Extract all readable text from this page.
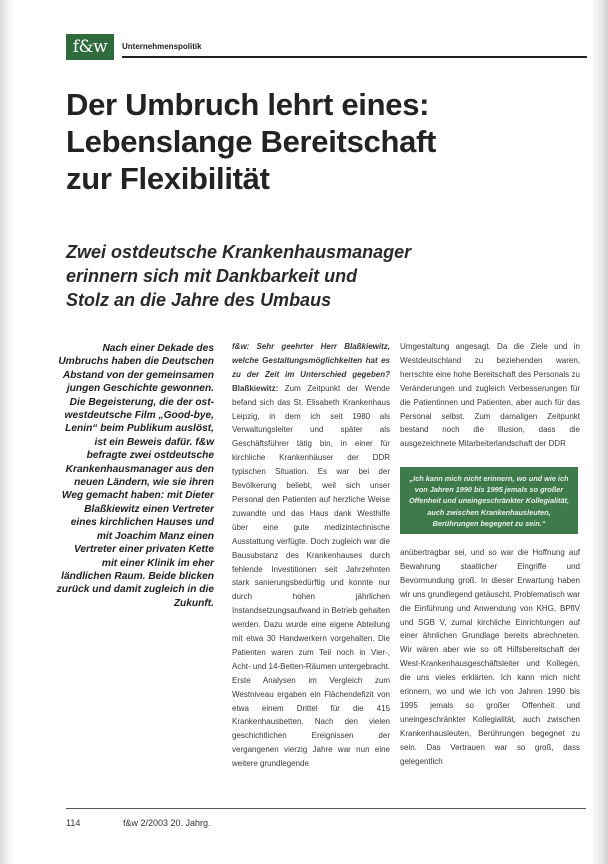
f&w	Unternehmenspolitik
Der Umbruch lehrt eines:
Lebenslange Bereitschaft
zur Flexibilität
Zwei ostdeutsche Krankenhausmanager
erinnern sich mit Dankbarkeit und
Stolz an die Jahre des Umbaus
Nach einer Dekade des Umbruchs haben die Deutschen Abstand von der gemeinsamen jungen Geschichte gewonnen. Die Begeisterung, die der ost-westdeutsche Film „Good-bye, Lenin“ beim Publikum auslöst, ist ein Beweis dafür. f&w befragte zwei ostdeutsche Krankenhausmanager aus den neuen Ländern, wie sie ihren Weg gemacht haben: mit Dieter Blaßkiewitz einen Vertreter eines kirchlichen Hauses und mit Joachim Manz einen Vertreter einer privaten Kette mit einer Klinik im eher ländlichen Raum. Beide blicken zurück und damit zugleich in die Zukunft.

f&w: Sehr geehrter Herr Blaßkiewitz, welche Gestaltungsmöglichkeiten hat es zu der Zeit im Unterschied gegeben? Blaßkiewitz: Zum Zeitpunkt der Wende befand sich das St. Elisabeth Krankenhaus Leipzig, in dem ich seit 1980 als Verwaltungsleiter und später als Geschäftsführer tätig bin, in einer für kirchliche Krankenhäuser der DDR typischen Situation. Es war bei der Bevölkerung beliebt, weil sich unser Personal den Patienten auf herzliche Weise zuwandte und das Haus dank Westhilfe über eine gute medizintechnische Ausstattung verfügte. Doch zugleich war die Bausubstanz des Krankenhauses durch fehlende Investitionen seit Jahrzehnten stark sanierungsbedürftig und konnte nur durch hohen jährlichen Instandsetzungsaufwand in Betrieb gehalten werden. Dazu wurde eine eigene Abteilung mit etwa 30 Handwerkern vorgehalten. Die Patienten waren zum Teil noch in Vier-, Acht- und 14-Betten-Räumen untergebracht. Erste Analysen im Vergleich zum Westniveau ergaben ein Flächendefizit von etwa einem Drittel für die 415 Krankenhausbetten. Nach den vielen geschichtlichen Ereignissen der vergangenen vierzig Jahre war nun eine weitere grundlegende

Umgestaltung angesagt. Da die Ziele und in Westdeutschland zu beziehenden waren, herrschte eine hohe Bereitschaft des Personals zu Veränderungen und zugleich Verbesserungen für die Patientinnen und Patienten, aber auch für das Personal selbst. Zum damaligen Zeitpunkt bestand noch die Illusion, dass die ausgezeichnete Mitarbeiterlandschaft der DDR

„Ich kann mich nicht erinnern, wo und wie ich von Jahren 1990 bis 1995 jemals so großer Offenheit und uneingeschränkter Kollegialität, auch zwischen Krankenhausleuten, Berührungen begegnet zu sein.“

anübertragbar sei, und so war die Hoffnung auf Bewahrung staatlicher Eingriffe und Bevormundung groß. In dieser Erwartung haben wir uns grundlegend getäuscht. Problematisch war die Einführung und Anwendung von KHG, BPflV und SGB V, zumal kirchliche Einrichtungen auf einer ähnlichen Grundlage bereits abrechneten. Wir wären aber wie so oft Hilfsbereitschaft der West-Krankenhausgeschäftsleiter und Kollegen, die uns vieles erklärten. Ich kann mich nicht erinnern, wo und wie ich von Jahren 1990 bis 1995 jemals so großer Offenheit und uneingeschränkter Kollegialität, auch zwischen Krankenhausleuten, Berührungen begegnet zu sein. Das Vertrauen war so groß, dass gelegentlich

114	f&w 2/2003 20. Jahrg.
